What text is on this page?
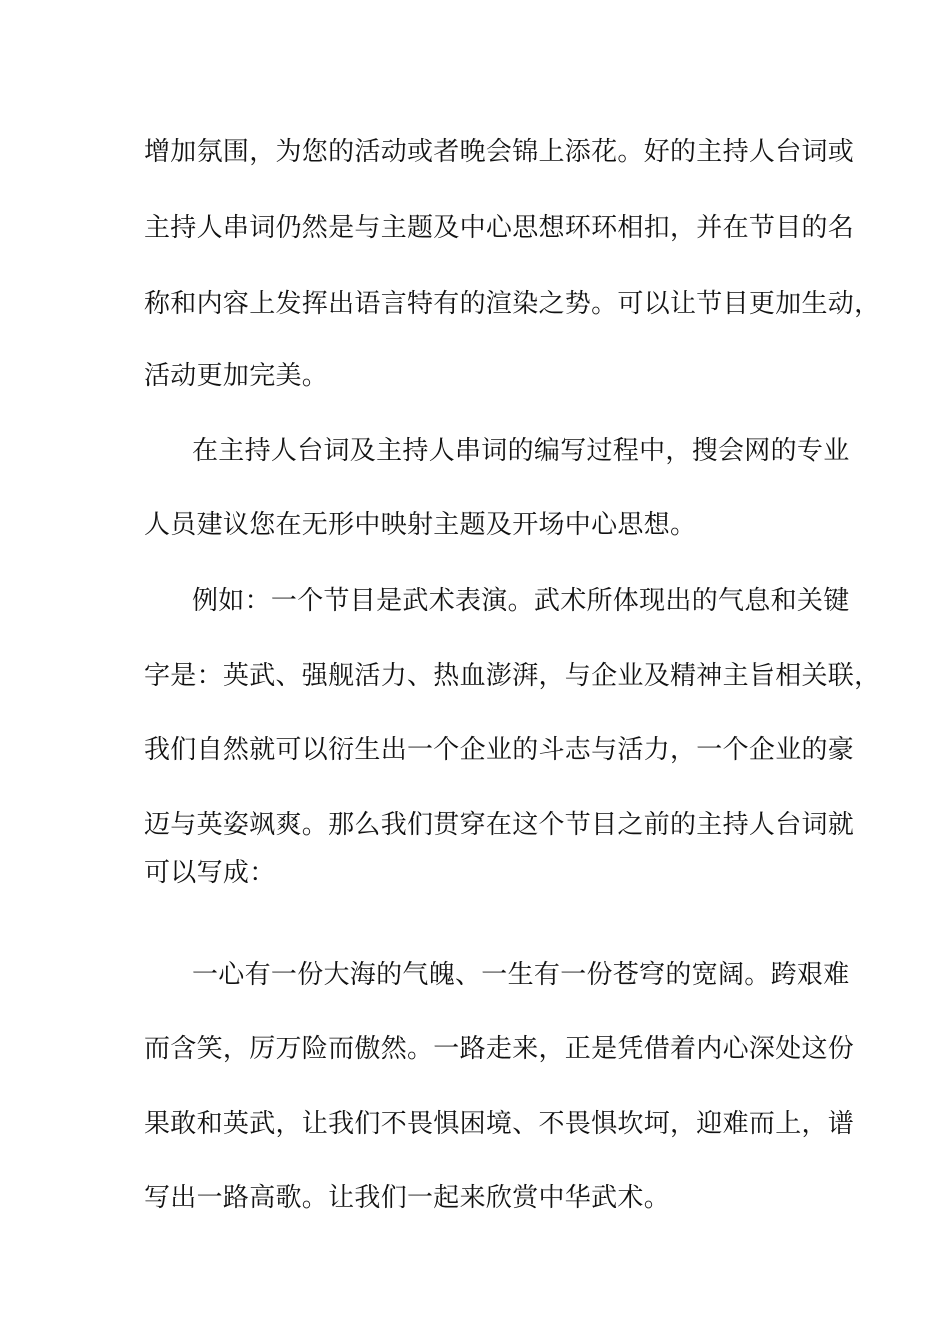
增加氛围，为您的活动或者晚会锦上添花。好的主持人台词或
主持人串词仍然是与主题及中心思想环环相扣，并在节目的名
称和内容上发挥出语言特有的渲染之势。可以让节目更加生动，
活动更加完美。
在主持人台词及主持人串词的编写过程中，搜会网的专业
人员建议您在无形中映射主题及开场中心思想。
例如：一个节目是武术表演。武术所体现出的气息和关键
字是：英武、强舰活力、热血澎湃，与企业及精神主旨相关联，
我们自然就可以衍生出一个企业的斗志与活力，一个企业的豪
迈与英姿飒爽。那么我们贯穿在这个节目之前的主持人台词就
可以写成：
一心有一份大海的气魄、一生有一份苍穹的宽阔。跨艰难
而含笑，厉万险而傲然。一路走来，正是凭借着内心深处这份
果敢和英武，让我们不畏惧困境、不畏惧坎坷，迎难而上，谱
写出一路高歌。让我们一起来欣赏中华武术。
